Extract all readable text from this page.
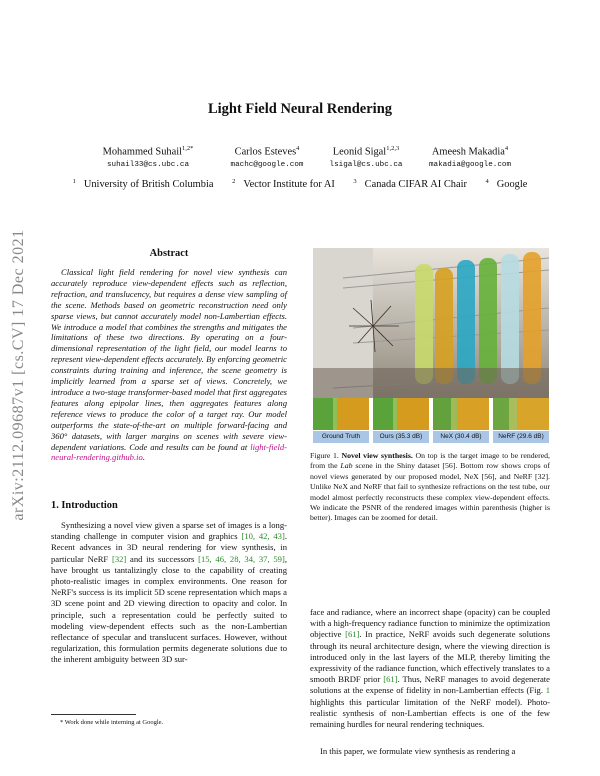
Light Field Neural Rendering
Mohammed Suhail$^{1,2*}$
suhail33@cs.ubc.ca
Carlos Esteves$^4$
machc@google.com
Leonid Sigal$^{1,2,3}$
lsigal@cs.ubc.ca
Ameesh Makadia$^4$
makadia@google.com
$^1$ University of British Columbia	$^2$ Vector Institute for AI	$^3$ Canada CIFAR AI Chair	$^4$ Google
arXiv:2112.09687v1 [cs.CV] 17 Dec 2021	Abstract
Classical light field rendering for novel view synthesis can accurately reproduce view-dependent effects such as reflection, refraction, and translucency, but requires a dense view sampling of the scene. Methods based on geometric reconstruction need only sparse views, but cannot accurately model non-Lambertian effects. We introduce a model that combines the strengths and mitigates the limitations of these two directions. By operating on a four-dimensional representation of the light field, our model learns to represent view-dependent effects accurately. By enforcing geometric constraints during training and inference, the scene geometry is implicitly learned from a sparse set of views. Concretely, we introduce a two-stage transformer-based model that first aggregates features along epipolar lines, then aggregates features along reference views to produce the color of a target ray. Our model outperforms the state-of-the-art on multiple forward-facing and 360° datasets, with larger margins on scenes with severe view-dependent variations. Code and results can be found at light-field-neural-rendering.github.io.
1. Introduction
Synthesizing a novel view given a sparse set of images is a long-standing challenge in computer vision and graphics [10, 42, 43]. Recent advances in 3D neural rendering for view synthesis, in particular NeRF [32] and its successors [15, 46, 28, 34, 37, 59], have brought us tantalizingly close to the capability of creating photo-realistic images in complex environments. One reason for NeRF's success is its implicit 5D scene representation which maps a 3D scene point and 2D viewing direction to opacity and color. In principle, such a representation could be perfectly suited to modeling view-dependent effects such as the non-Lambertian reflectance of specular and translucent surfaces. However, without regularization, this formulation permits degenerate solutions due to the inherent ambiguity between 3D sur-
Ground Truth	Ours (35.3 dB)	NeX (30.4 dB)	NeRF (29.6 dB)
Figure 1. Novel view synthesis. On top is the target image to be rendered, from the Lab scene in the Shiny dataset [56]. Bottom row shows crops of novel views generated by our proposed model, NeX [56], and NeRF [32]. Unlike NeX and NeRF that fail to synthesize refractions on the test tube, our model almost perfectly reconstructs these complex view-dependent effects. We indicate the PSNR of the rendered images within parenthesis (higher is better). Images can be zoomed for detail.
face and radiance, where an incorrect shape (opacity) can be coupled with a high-frequency radiance function to minimize the optimization objective [61]. In practice, NeRF avoids such degenerate solutions through its neural architecture design, where the viewing direction is introduced only in the last layers of the MLP, thereby limiting the expressivity of the radiance function, which effectively translates to a smooth BRDF prior [61]. Thus, NeRF manages to avoid degenerate solutions at the expense of fidelity in non-Lambertian effects (Fig. 1 highlights this particular limitation of the NeRF model). Photo-realistic synthesis of non-Lambertian effects is one of the few remaining hurdles for neural rendering techniques.
In this paper, we formulate view synthesis as rendering a
* Work done while interning at Google.
